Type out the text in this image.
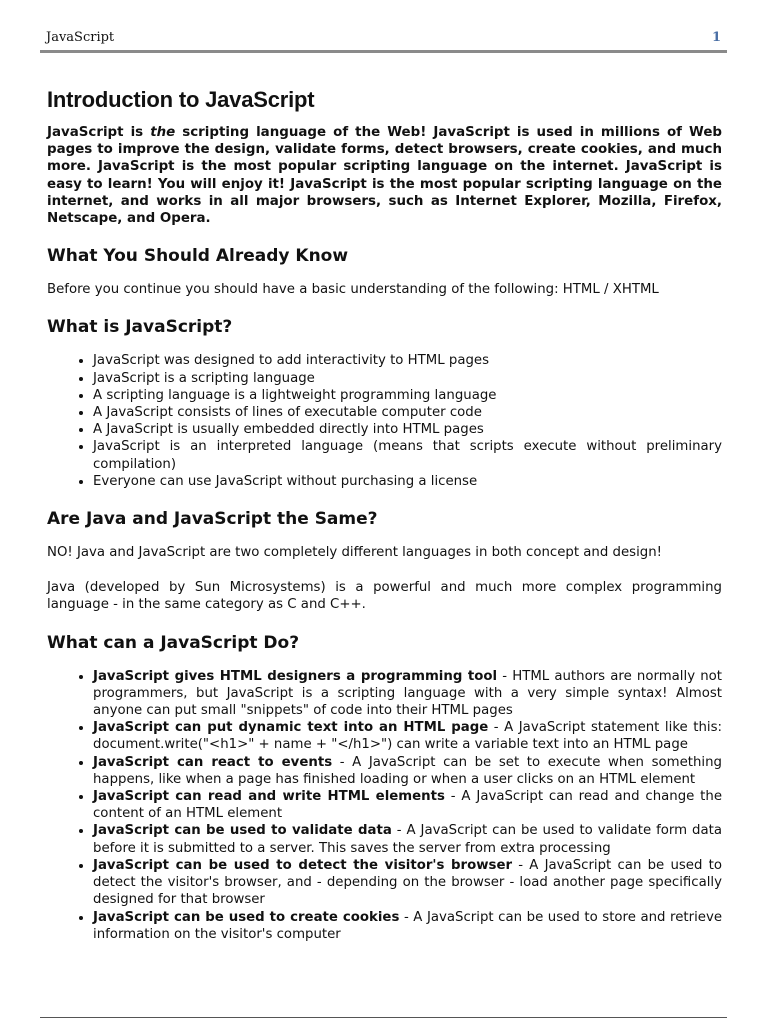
JavaScript	1
Introduction to JavaScript

JavaScript is the scripting language of the Web! JavaScript is used in millions of Web pages to improve the design, validate forms, detect browsers, create cookies, and much more. JavaScript is the most popular scripting language on the internet. JavaScript is easy to learn! You will enjoy it! JavaScript is the most popular scripting language on the internet, and works in all major browsers, such as Internet Explorer, Mozilla, Firefox, Netscape, and Opera.

What You Should Already Know

Before you continue you should have a basic understanding of the following: HTML / XHTML

What is JavaScript?
• JavaScript was designed to add interactivity to HTML pages
• JavaScript is a scripting language
• A scripting language is a lightweight programming language
• A JavaScript consists of lines of executable computer code
• A JavaScript is usually embedded directly into HTML pages
• JavaScript is an interpreted language (means that scripts execute without preliminary compilation)
• Everyone can use JavaScript without purchasing a license
Are Java and JavaScript the Same?

NO! Java and JavaScript are two completely different languages in both concept and design!

Java (developed by Sun Microsystems) is a powerful and much more complex programming language - in the same category as C and C++.

What can a JavaScript Do?
• JavaScript gives HTML designers a programming tool - HTML authors are normally not programmers, but JavaScript is a scripting language with a very simple syntax! Almost anyone can put small "snippets" of code into their HTML pages
• JavaScript can put dynamic text into an HTML page - A JavaScript statement like this: document.write("<h1>" + name + "</h1>") can write a variable text into an HTML page
• JavaScript can react to events - A JavaScript can be set to execute when something happens, like when a page has finished loading or when a user clicks on an HTML element
• JavaScript can read and write HTML elements - A JavaScript can read and change the content of an HTML element
• JavaScript can be used to validate data - A JavaScript can be used to validate form data before it is submitted to a server. This saves the server from extra processing
• JavaScript can be used to detect the visitor's browser - A JavaScript can be used to detect the visitor's browser, and - depending on the browser - load another page specifically designed for that browser
• JavaScript can be used to create cookies - A JavaScript can be used to store and retrieve information on the visitor's computer
